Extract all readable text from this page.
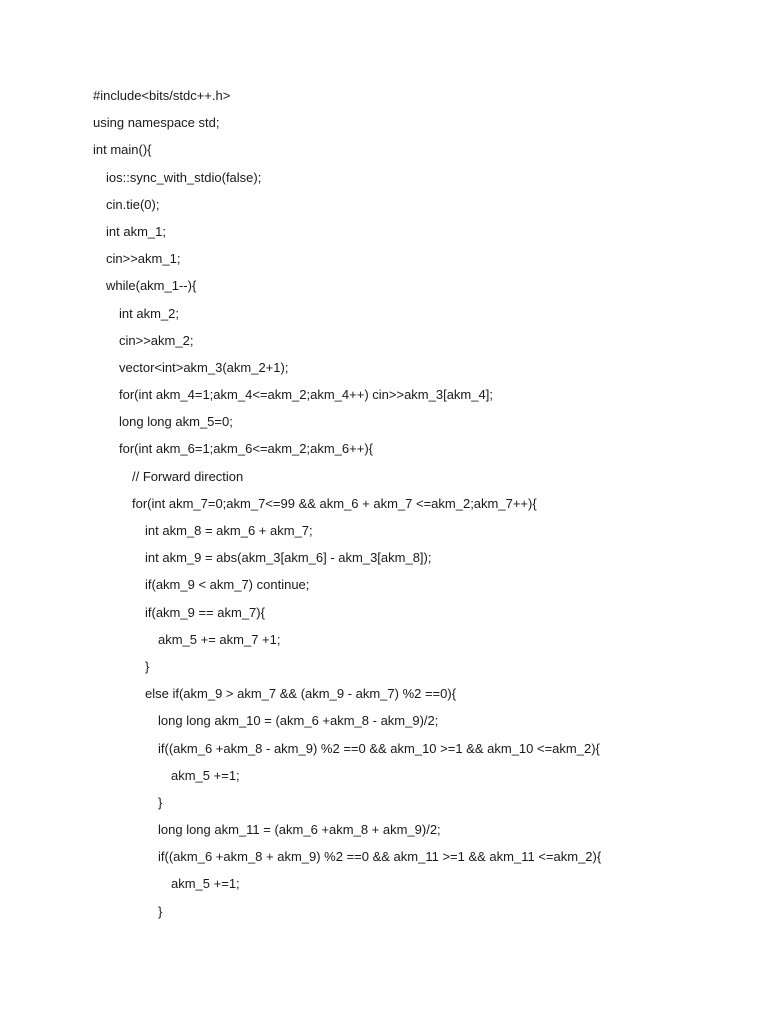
#include<bits/stdc++.h>
using namespace std;
int main(){
ios::sync_with_stdio(false);
cin.tie(0);
int akm_1;
cin>>akm_1;
while(akm_1--){
int akm_2;
cin>>akm_2;
vector<int>akm_3(akm_2+1);
for(int akm_4=1;akm_4<=akm_2;akm_4++) cin>>akm_3[akm_4];
long long akm_5=0;
for(int akm_6=1;akm_6<=akm_2;akm_6++){
// Forward direction
for(int akm_7=0;akm_7<=99 && akm_6 + akm_7 <=akm_2;akm_7++){
int akm_8 = akm_6 + akm_7;
int akm_9 = abs(akm_3[akm_6] - akm_3[akm_8]);
if(akm_9 < akm_7) continue;
if(akm_9 == akm_7){
akm_5 += akm_7 +1;
}
else if(akm_9 > akm_7 && (akm_9 - akm_7) %2 ==0){
long long akm_10 = (akm_6 +akm_8 - akm_9)/2;
if((akm_6 +akm_8 - akm_9) %2 ==0 && akm_10 >=1 && akm_10 <=akm_2){
akm_5 +=1;
}
long long akm_11 = (akm_6 +akm_8 + akm_9)/2;
if((akm_6 +akm_8 + akm_9) %2 ==0 && akm_11 >=1 && akm_11 <=akm_2){
akm_5 +=1;
}
